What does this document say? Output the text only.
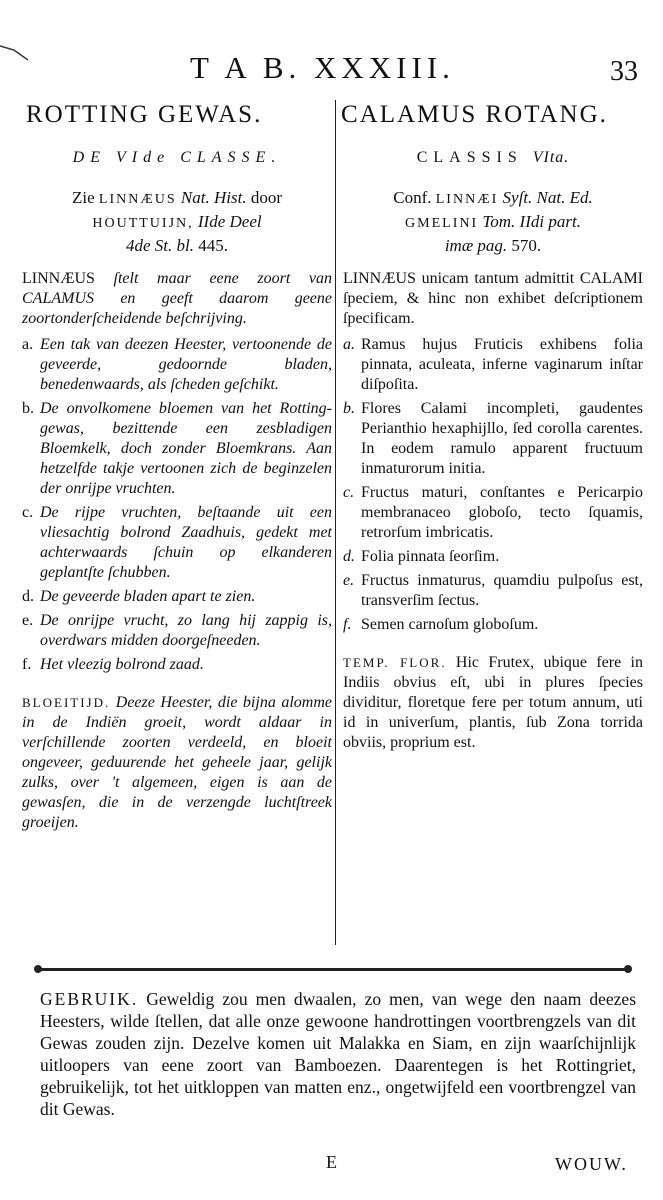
T A B. XXXIII.	33
ROTTING GEWAS.
DE VIde CLASSE.
Zie LINNÆUS Nat. Hist. door
HOUTTUIJN, IIde Deel
4de St. bl. 445.
LINNÆUS ſtelt maar eene zoort van CALAMUS en geeft daarom geene zoortonderſcheidende beſchrijving.
a. Een tak van deezen Heester, vertoonende de geveerde, gedoornde bladen, benedenwaards, als ſcheden geſchikt.
b. De onvolkomene bloemen van het Rotting-gewas, bezittende een zesbladigen Bloemkelk, doch zonder Bloemkrans. Aan hetzelfde takje vertoonen zich de beginzelen der onrijpe vruchten.
c. De rijpe vruchten, beſtaande uit een vliesachtig bolrond Zaadhuis, gedekt met achterwaards ſchuin op elkanderen geplantſte ſchubben.
d. De geveerde bladen apart te zien.
e. De onrijpe vrucht, zo lang hij zappig is, overdwars midden doorgeſneeden.
f. Het vleezig bolrond zaad.
BLOEITIJD. Deeze Heester, die bijna alomme in de Indiën groeit, wordt aldaar in verſchillende zoorten verdeeld, en bloeit ongeveer, geduurende het geheele jaar, gelijk zulks, over 't algemeen, eigen is aan de gewasſen, die in de verzengde luchtſtreek groeijen.
CALAMUS ROTANG.
CLASSIS VIta.
Conf. LINNÆI Syſt. Nat. Ed.
GMELINI Tom. IIdi part.
imæ pag. 570.
LINNÆUS unicam tantum admittit CALAMI ſpeciem, & hinc non exhibet deſcriptionem ſpecificam.
a. Ramus hujus Fruticis exhibens folia pinnata, aculeata, inferne vaginarum inſtar diſpoſita.
b. Flores Calami incompleti, gaudentes Perianthio hexaphijllo, ſed corolla carentes. In eodem ramulo apparent fructuum inmaturorum initia.
c. Fructus maturi, conſtantes e Pericarpio membranaceo globoſo, tecto ſquamis, retrorſum imbricatis.
d. Folia pinnata ſeorſim.
e. Fructus inmaturus, quamdiu pulpoſus est, transverſim ſectus.
f. Semen carnoſum globoſum.
TEMP. FLOR. Hic Frutex, ubique fere in Indiis obvius eſt, ubi in plures ſpecies dividitur, floretque fere per totum annum, uti id in univerſum, plantis, ſub Zona torrida obviis, proprium est.
GEBRUIK. Geweldig zou men dwaalen, zo men, van wege den naam deezes Heesters, wilde ſtellen, dat alle onze gewoone handrottingen voortbrengzels van dit Gewas zouden zijn. Dezelve komen uit Malakka en Siam, en zijn waarſchijnlijk uitloopers van eene zoort van Bamboezen. Daarentegen is het Rottingriet, gebruikelijk, tot het uitkloppen van matten enz., ongetwijfeld een voortbrengzel van dit Gewas.
E	WOUW.
